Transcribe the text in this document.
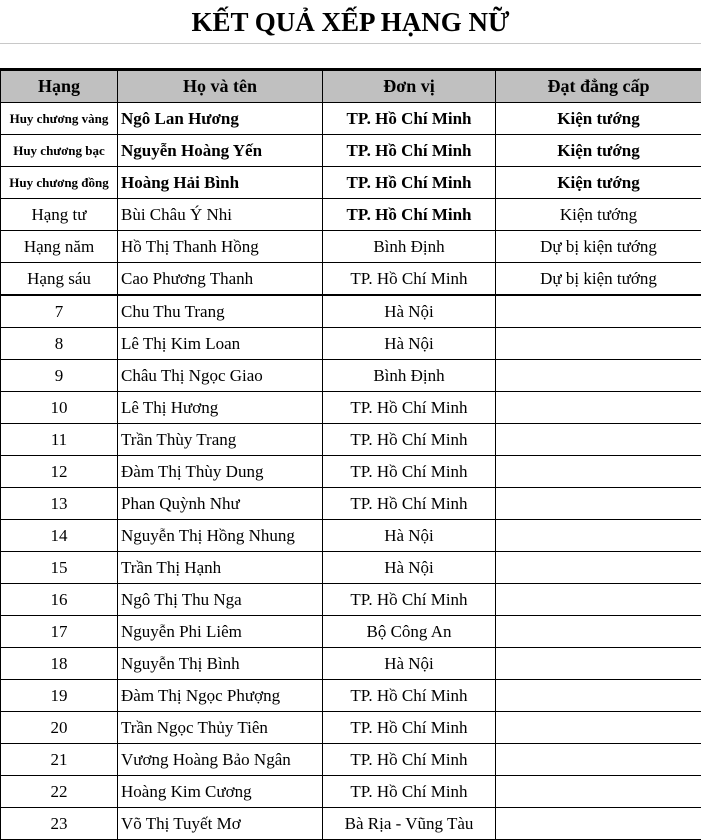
KẾT QUẢ XẾP HẠNG NỮ
Hạng	Họ và tên	Đơn vị	Đạt đẳng cấp
Huy chương vàng	Ngô Lan Hương	TP. Hồ Chí Minh	Kiện tướng
Huy chương bạc	Nguyễn Hoàng Yến	TP. Hồ Chí Minh	Kiện tướng
Huy chương đồng	Hoàng Hải Bình	TP. Hồ Chí Minh	Kiện tướng
Hạng tư	Bùi Châu Ý Nhi	TP. Hồ Chí Minh	Kiện tướng
Hạng năm	Hồ Thị Thanh Hồng	Bình Định	Dự bị kiện tướng
Hạng sáu	Cao Phương Thanh	TP. Hồ Chí Minh	Dự bị kiện tướng
7	Chu Thu Trang	Hà Nội	
8	Lê Thị Kim Loan	Hà Nội	
9	Châu Thị Ngọc Giao	Bình Định	
10	Lê Thị Hương	TP. Hồ Chí Minh	
11	Trần Thùy Trang	TP. Hồ Chí Minh	
12	Đàm Thị Thùy Dung	TP. Hồ Chí Minh	
13	Phan Quỳnh Như	TP. Hồ Chí Minh	
14	Nguyễn Thị Hồng Nhung	Hà Nội	
15	Trần Thị Hạnh	Hà Nội	
16	Ngô Thị Thu Nga	TP. Hồ Chí Minh	
17	Nguyễn Phi Liêm	Bộ Công An	
18	Nguyễn Thị Bình	Hà Nội	
19	Đàm Thị Ngọc Phượng	TP. Hồ Chí Minh	
20	Trần Ngọc Thủy Tiên	TP. Hồ Chí Minh	
21	Vương Hoàng Bảo Ngân	TP. Hồ Chí Minh	
22	Hoàng Kim Cương	TP. Hồ Chí Minh	
23	Võ Thị Tuyết Mơ	Bà Rịa - Vũng Tàu	
